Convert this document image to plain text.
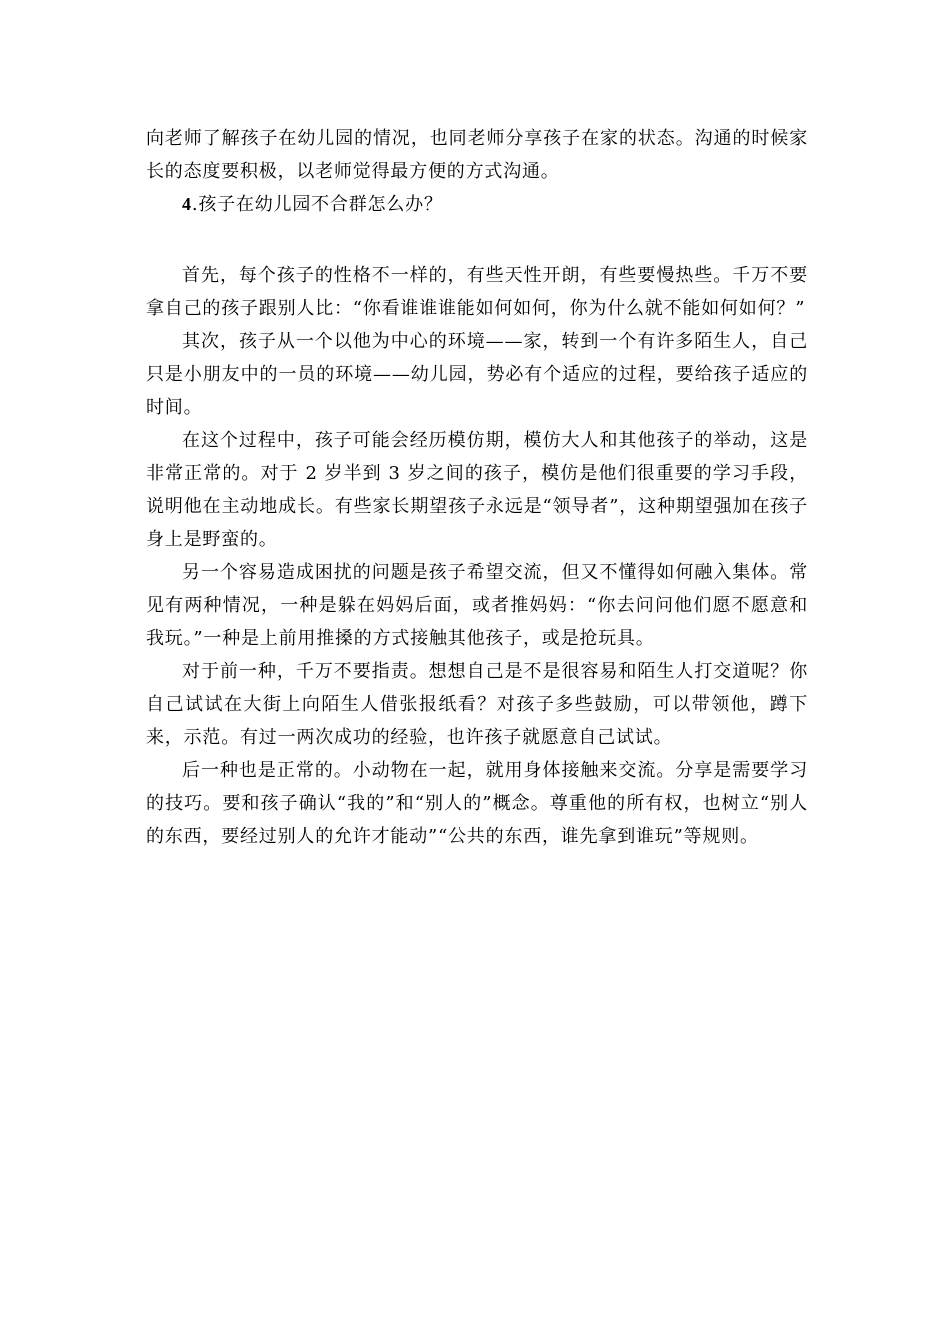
向老师了解孩子在幼儿园的情况，也同老师分享孩子在家的状态。沟通的时候家长的态度要积极，以老师觉得最方便的方式沟通。

4.孩子在幼儿园不合群怎么办？

首先，每个孩子的性格不一样的，有些天性开朗，有些要慢热些。千万不要拿自己的孩子跟别人比：“你看谁谁谁能如何如何，你为什么就不能如何如何？”

其次，孩子从一个以他为中心的环境——家，转到一个有许多陌生人，自己只是小朋友中的一员的环境——幼儿园，势必有个适应的过程，要给孩子适应的时间。

在这个过程中，孩子可能会经历模仿期，模仿大人和其他孩子的举动，这是非常正常的。对于 2 岁半到 3 岁之间的孩子，模仿是他们很重要的学习手段，说明他在主动地成长。有些家长期望孩子永远是“领导者”，这种期望强加在孩子身上是野蛮的。

另一个容易造成困扰的问题是孩子希望交流，但又不懂得如何融入集体。常见有两种情况，一种是躲在妈妈后面，或者推妈妈：“你去问问他们愿不愿意和我玩。”一种是上前用推搡的方式接触其他孩子，或是抢玩具。

对于前一种，千万不要指责。想想自己是不是很容易和陌生人打交道呢？你自己试试在大街上向陌生人借张报纸看？对孩子多些鼓励，可以带领他，蹲下来，示范。有过一两次成功的经验，也许孩子就愿意自己试试。

后一种也是正常的。小动物在一起，就用身体接触来交流。分享是需要学习的技巧。要和孩子确认“我的”和“别人的”概念。尊重他的所有权，也树立“别人的东西，要经过别人的允许才能动”“公共的东西，谁先拿到谁玩”等规则。
